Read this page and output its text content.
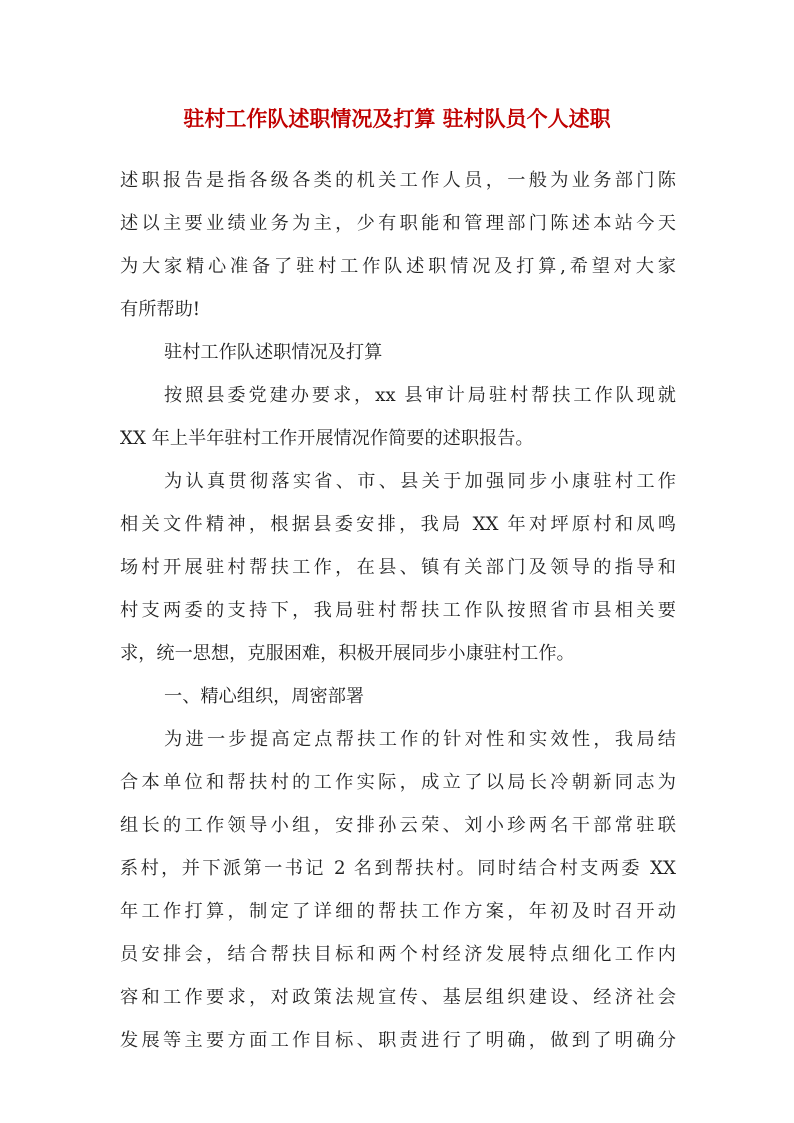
驻村工作队述职情况及打算 驻村队员个人述职
述职报告是指各级各类的机关工作人员，一般为业务部门陈
述以主要业绩业务为主，少有职能和管理部门陈述本站今天
为大家精心准备了驻村工作队述职情况及打算,希望对大家
有所帮助!
驻村工作队述职情况及打算
按照县委党建办要求，xx 县审计局驻村帮扶工作队现就
XX 年上半年驻村工作开展情况作简要的述职报告。
为认真贯彻落实省、市、县关于加强同步小康驻村工作
相关文件精神，根据县委安排，我局 XX 年对坪原村和凤鸣
场村开展驻村帮扶工作，在县、镇有关部门及领导的指导和
村支两委的支持下，我局驻村帮扶工作队按照省市县相关要
求，统一思想，克服困难，积极开展同步小康驻村工作。
一、精心组织，周密部署
为进一步提高定点帮扶工作的针对性和实效性，我局结
合本单位和帮扶村的工作实际，成立了以局长冷朝新同志为
组长的工作领导小组，安排孙云荣、刘小珍两名干部常驻联
系村，并下派第一书记 2 名到帮扶村。同时结合村支两委 XX
年工作打算，制定了详细的帮扶工作方案，年初及时召开动
员安排会，结合帮扶目标和两个村经济发展特点细化工作内
容和工作要求，对政策法规宣传、基层组织建设、经济社会
发展等主要方面工作目标、职责进行了明确，做到了明确分
